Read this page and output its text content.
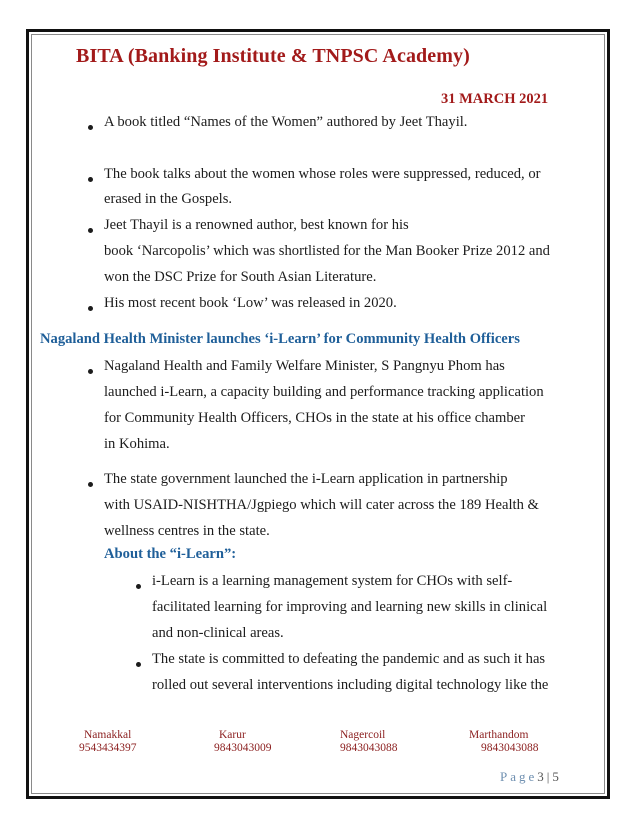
BITA (Banking Institute & TNPSC Academy)
31 MARCH 2021
A book titled “Names of the Women” authored by Jeet Thayil.
The book talks about the women whose roles were suppressed, reduced, or
erased in the Gospels.
Jeet Thayil is a renowned author, best known for his
book ‘Narcopolis’ which was shortlisted for the Man Booker Prize 2012 and
won the DSC Prize for South Asian Literature.
His most recent book ‘Low’ was released in 2020.
Nagaland Health Minister launches ‘i-Learn’ for Community Health Officers
Nagaland Health and Family Welfare Minister, S Pangnyu Phom has
launched i-Learn, a capacity building and performance tracking application
for Community Health Officers, CHOs in the state at his office chamber
in Kohima.
The state government launched the i-Learn application in partnership
with USAID-NISHTHA/Jgpiego which will cater across the 189 Health &
wellness centres in the state.
About the “i-Learn”:
i-Learn is a learning management system for CHOs with self-
facilitated learning for improving and learning new skills in clinical
and non-clinical areas.
The state is committed to defeating the pandemic and as such it has
rolled out several interventions including digital technology like the
Namakkal
9543434397
Karur
9843043009
Nagercoil
9843043088
Marthandom
9843043088
Page3 | 5
